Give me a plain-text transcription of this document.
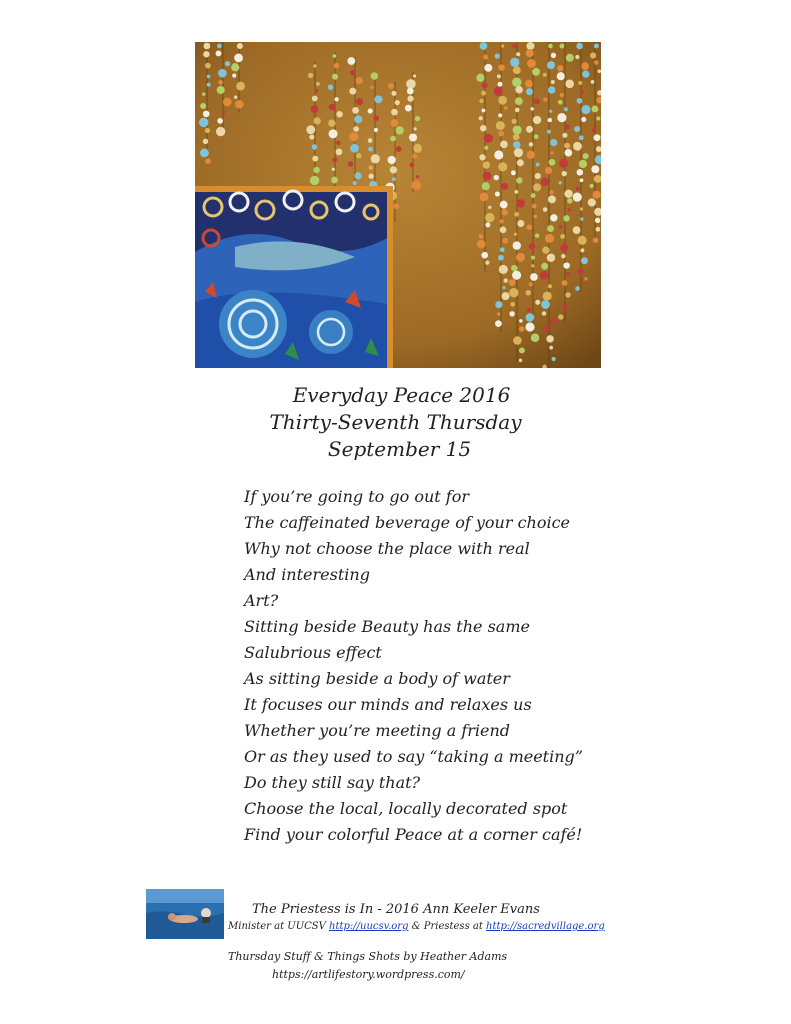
Everyday Peace 2016
Thirty-Seventh Thursday
September 15
If you’re going to go out for
The caffeinated beverage of your choice
Why not choose the place with real
And interesting
Art?
Sitting beside Beauty has the same
Salubrious effect
As sitting beside a body of water
It focuses our minds and relaxes us
Whether you’re meeting a friend
Or as they used to say “taking a meeting”
Do they still say that?
Choose the local, locally decorated spot
Find your colorful Peace at a corner café!
The Priestess is In - 2016 Ann Keeler Evans
Minister at UUCSV http://uucsv.org & Priestess at http://sacredvillage.org
Thursday Stuff & Things Shots by Heather Adams
https://artlifestory.wordpress.com/
